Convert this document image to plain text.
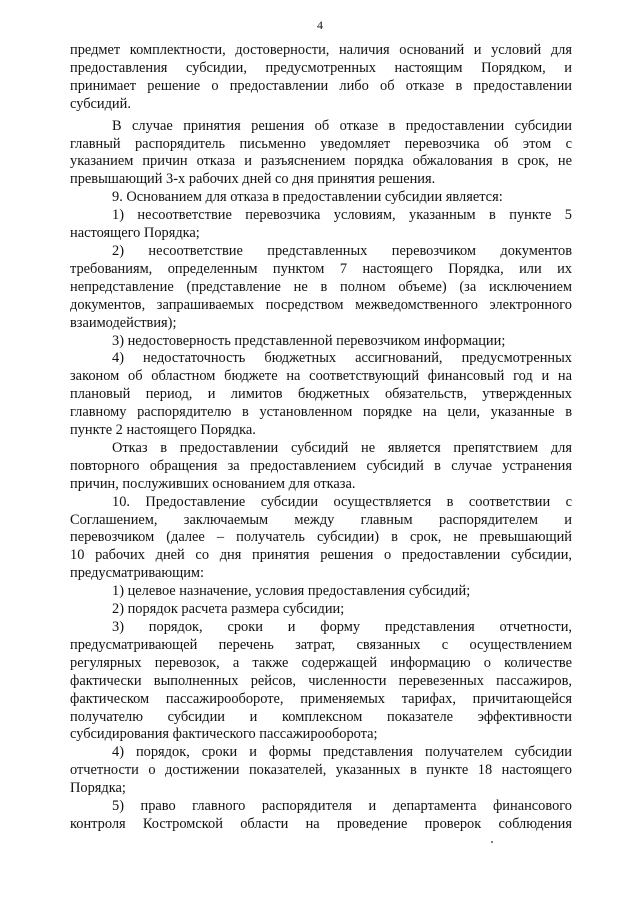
4

предмет комплектности, достоверности, наличия оснований и условий для

предоставления субсидии, предусмотренных настоящим Порядком, и

принимает решение о предоставлении либо об отказе в предоставлении

субсидий.

В случае принятия решения об отказе в предоставлении субсидии

главный распорядитель письменно уведомляет перевозчика об этом с

указанием причин отказа и разъяснением порядка обжалования в срок, не

превышающий 3-х рабочих дней со дня принятия решения.

9. Основанием для отказа в предоставлении субсидии является:

1) несоответствие перевозчика условиям, указанным в пункте 5

настоящего Порядка;

2) несоответствие представленных перевозчиком документов

требованиям, определенным пунктом 7 настоящего Порядка, или их

непредставление (представление не в полном объеме) (за исключением

документов, запрашиваемых посредством межведомственного электронного

взаимодействия);

3) недостоверность представленной перевозчиком информации;

4) недостаточность бюджетных ассигнований, предусмотренных

законом об областном бюджете на соответствующий финансовый год и на

плановый период, и лимитов бюджетных обязательств, утвержденных

главному распорядителю в установленном порядке на цели, указанные в

пункте 2 настоящего Порядка.

Отказ в предоставлении субсидий не является препятствием для

повторного обращения за предоставлением субсидий в случае устранения

причин, послуживших основанием для отказа.

10. Предоставление субсидии осуществляется в соответствии с

Соглашением, заключаемым между главным распорядителем и

перевозчиком (далее – получатель субсидии) в срок, не превышающий

10 рабочих дней со дня принятия решения о предоставлении субсидии,

предусматривающим:

1) целевое назначение, условия предоставления субсидий;

2) порядок расчета размера субсидии;

3) порядок, сроки и форму представления отчетности,

предусматривающей перечень затрат, связанных с осуществлением

регулярных перевозок, а также содержащей информацию о количестве

фактически выполненных рейсов, численности перевезенных пассажиров,

фактическом пассажирообороте, применяемых тарифах, причитающейся

получателю субсидии и комплексном показателе эффективности

субсидирования фактического пассажирооборота;

4) порядок, сроки и формы представления получателем субсидии

отчетности о достижении показателей, указанных в пункте 18 настоящего

Порядка;

5) право главного распорядителя и департамента финансового

контроля Костромской области на проведение проверок соблюдения
